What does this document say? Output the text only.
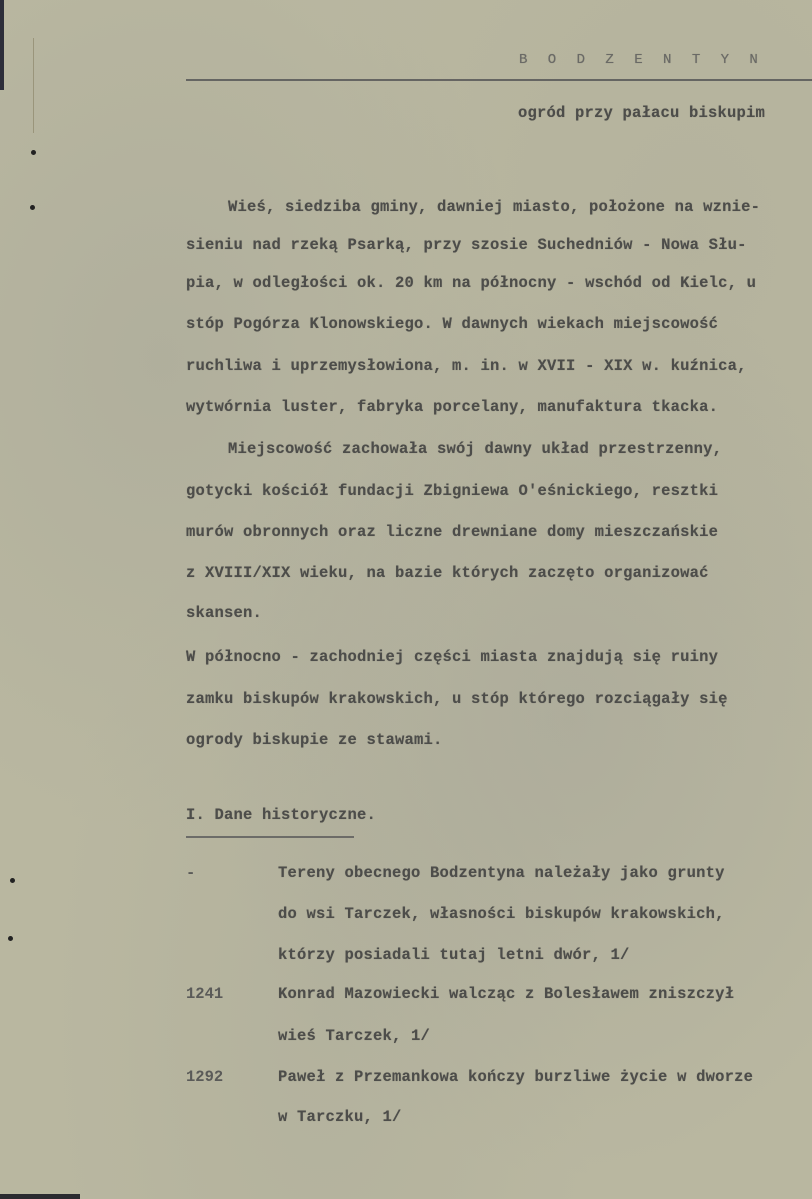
B O D Z E N T Y N
ogród przy pałacu biskupim
Wieś, siedziba gminy, dawniej miasto, położone na wznie-
sieniu nad rzeką Psarką, przy szosie Suchedniów - Nowa Słu-
pia, w odległości ok. 20 km na północny - wschód od Kielc, u
stóp Pogórza Klonowskiego. W dawnych wiekach miejscowość
ruchliwa i uprzemysłowiona, m. in. w XVII - XIX w. kuźnica,
wytwórnia luster, fabryka porcelany, manufaktura tkacka.
Miejscowość zachowała swój dawny układ przestrzenny,
gotycki kościół fundacji Zbigniewa O'eśnickiego, resztki
murów obronnych oraz liczne drewniane domy mieszczańskie
z XVIII/XIX wieku, na bazie których zaczęto organizować
skansen.
W północno - zachodniej części miasta znajdują się ruiny
zamku biskupów krakowskich, u stóp którego rozciągały się
ogrody biskupie ze stawami.
I. Dane historyczne.
-	Tereny obecnego Bodzentyna należały jako grunty
do wsi Tarczek, własności biskupów krakowskich,
którzy posiadali tutaj letni dwór, 1/
1241	Konrad Mazowiecki walcząc z Bolesławem zniszczył
wieś Tarczek, 1/
1292	Paweł z Przemankowa kończy burzliwe życie w dworze
w Tarczku, 1/
